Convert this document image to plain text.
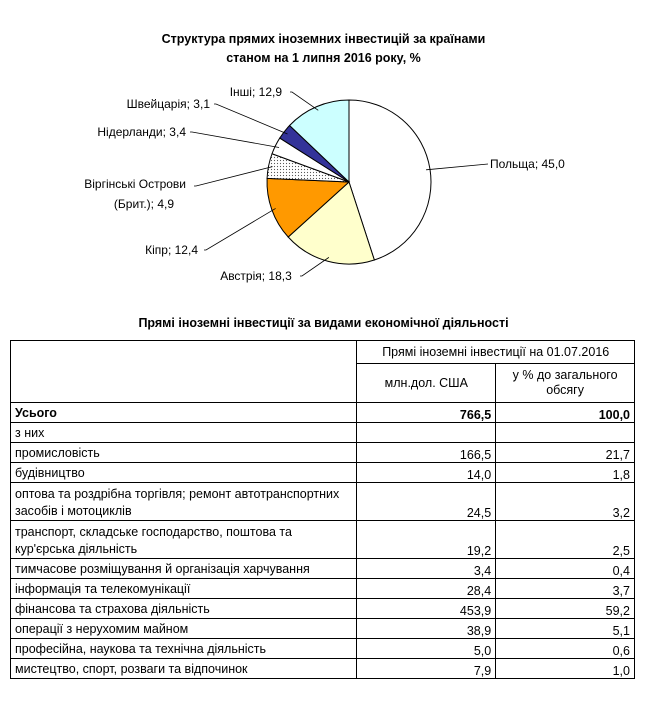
Структура прямих іноземних інвестицій за країнами
станом на 1 липня 2016 року, %
Польща; 45,0
Австрія; 18,3
Кіпр; 12,4
Віргінські Острови (Брит.); 4,9
Нідерланди; 3,4
Швейцарія; 3,1
Інші; 12,9
Прямі іноземні інвестиції за видами економічної діяльності
	Прямі іноземні інвестиції на 01.07.2016	
	млн.дол. США	у % до загального
обсягу

Усього	766,5	100,0
з них		
промисловість	166,5	21,7
будівництво	14,0	1,8
оптова та роздрібна торгівля; ремонт автотранспортних засобів і мотоциклів	24,5	3,2
транспорт, складське господарство, поштова та кур'єрська діяльність	19,2	2,5
тимчасове розміщування й організація харчування	3,4	0,4
інформація та телекомунікації	28,4	3,7
фінансова та страхова діяльність	453,9	59,2
операції з нерухомим майном	38,9	5,1
професійна, наукова та технічна діяльність	5,0	0,6
мистецтво, спорт, розваги та відпочинок	7,9	1,0
